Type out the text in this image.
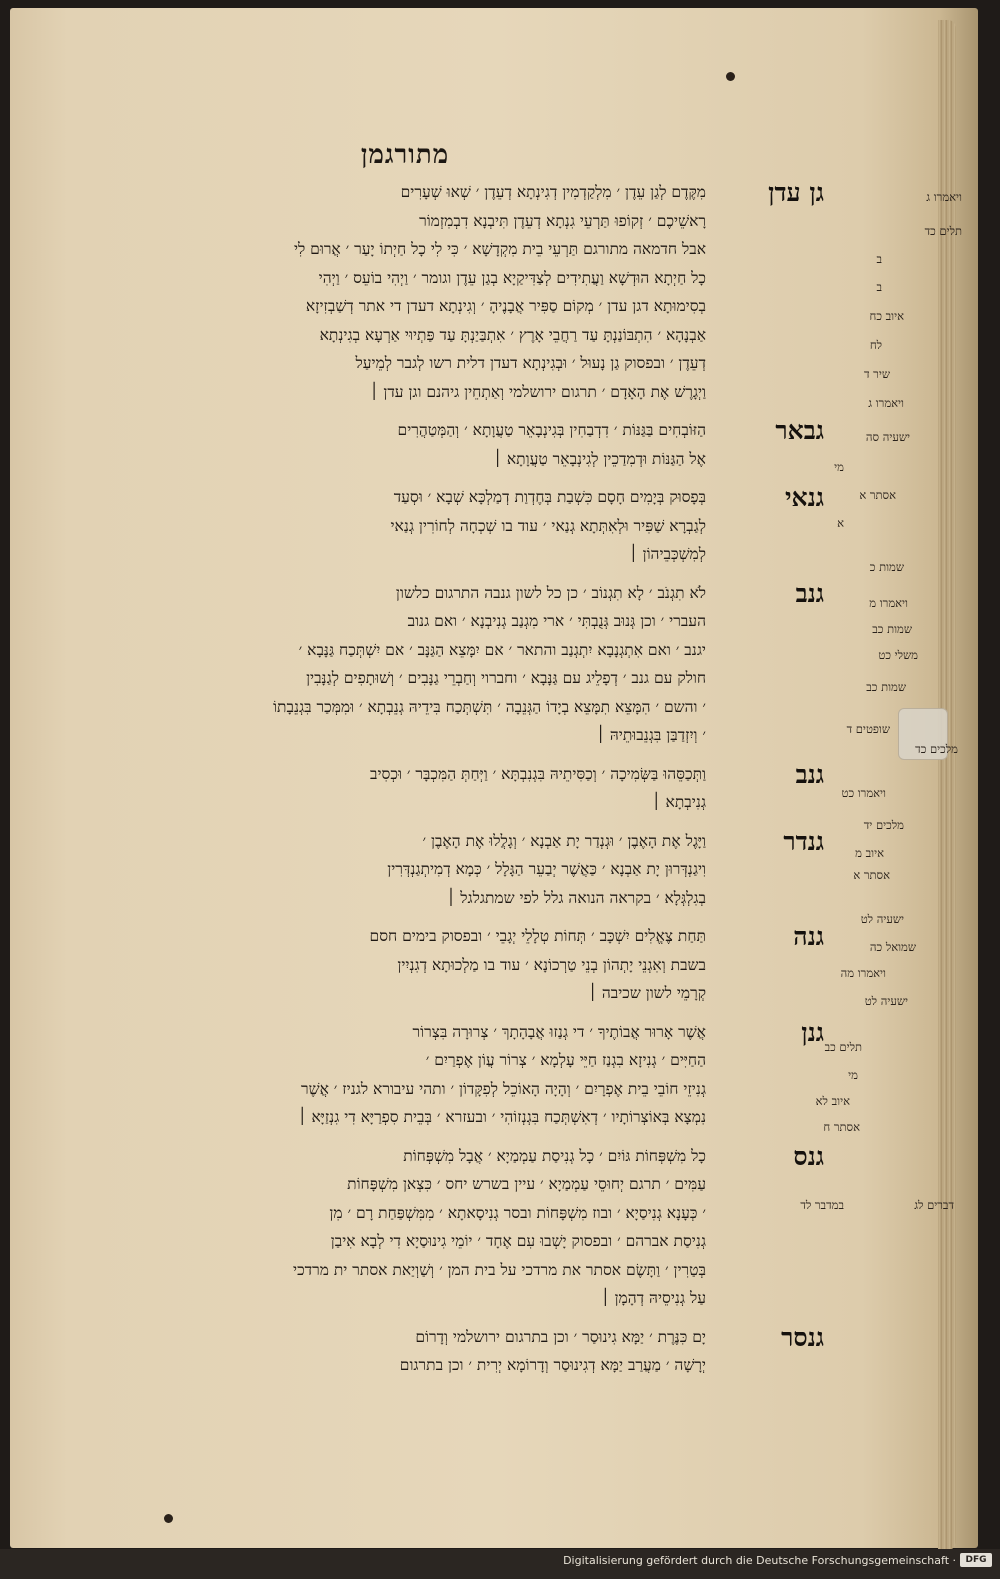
מתורגמן
גן עדן
מִקֶּדֶם לְגַן עֵדֶן ׳ מִלְקַדְמִין דְגִינְתָא דְעֵדֶן ׳ שְׁאוּ שְׁעָרִים
רָאשֵׁיכֶם ׳ זְקוֹפוּ תַּרְעֵי גִנְתָא דְעֵדֶן תִּיבְנָא דִבְמִזְמוֹר
אבל חדמאה מתורגם תַּרְעֵי בֵית מִקְדָשָׁא ׳ כִּי לִי כָל חַיְתוֹ יָעַר ׳ אֲרוּם לִי
כָל חַיְתָא הוּדְשָׁא וַעֲתִידִים לְצַדִּיקַיָא בְגַן עֵדֶן וגומר ׳ וַיְהִי בוֹעֵס ׳ וַיְהִי
בְסִימוּתָא דגן עדן ׳ מְקוֹם סַפִּיר אֲבָנֶיהָ ׳ וְגִינְתָא דעדן די אתר דְשַׁבְזִיזָא
אַבְנָהָא ׳ הִתְבּוֹנַנְתָּ עַד רַחֲבֵי אָרֶץ ׳ אִתְבַּיַנְתָּ עַד פַּתְיוּי אַרְעָא בְגִינְתָא
דְעֵדֶן ׳ ובפסוק גַן נָעוּל ׳ וּבְגִינְתָא דעדן דלית רשו לְגבר לְמֵיעַל
וַיְגָרֶשׁ אֶת הָאָדָם ׳ תרגום ירושלמי וְאַתְחֵין גיהנם וגן עדן ׀
גבאר
הַזּוֹבְחִים בַּגַּנּוֹת ׳ דִדְבַחִין בְּגִינְבָאֵר טַעֲוָתָא ׳ וְהַמְּטַהֲרִים
אֶל הַגַּנּוֹת וּדְמִדַכֵין לְגִינְבָאֵר טַעֲוָתָא ׀
גנאי
בְּפָסוּק בְּיָמִים חָסָם כִּשְׁבַת בְּחֶדְוַת דְמַלְכָּא שְׁבָא ׳ וּסְעַד
לְגַבְרָא שַׁפִּיר וּלְאִתְּתָא גְנַאי ׳ עוד בו שְׁכְחָה לְחוֹרִין גְנַאי
לְמִשְׁכְּבֵיהוֹן ׀
גנב
לֹא תִגְנֹב ׳ לָא תִגְנוֹב ׳ כן כל לשון גנבה התרגום כלשון
העברי ׳ וכן גְּנוּב גְּנֻבְתִּי ׳ ארי מִגְנַב גְנִיבְנָא ׳ ואם גנוב
יגנב ׳ ואם אִתְגְנָבָא יִתְגְנַב והתאר ׳ אם יִמָּצֵא הַגַּנָּב ׳ אם יִשְׁתְּכַח גַּנָּבָא ׳
חולק עם גנב ׳ דְפָלֵיג עם גַּנָּבָא ׳ וחברוי וְחַבְרֵי גַנָּבִים ׳ וְשׁוּתָפִים לְגַנָּבִין
׳ והשם ׳ הִמָּצֵא תִמָּצֵא בְיָדוֹ הַגְּנֵבָה ׳ תִּשְׁתְּכַח בִּידֵיהּ גְנֵבְתָא ׳ וּמִמְּכַר בִּגְנֵבָתוֹ
׳ וְיִזְדַבַּן בִּגְנֵבוּתֵיהּ ׀
גנב
וַתְּכַסֵּהוּ בַּשְּׂמִיכָה ׳ וְכַסִּיתֵיהּ בִּגְנִבְתָּא ׳ וַיְּחַתְּ הַמִּכְבָּר ׳ וּכְסִיב
גְנִיבְתָא ׀
גנדר
וַיָּגֶל אֶת הָאֶבֶן ׳ וּגְנְדַר יָת אַבְנָא ׳ וְגָלֲלוּ אֶת הָאֶבֶן ׳
וִיגַנְדְּרוּן יָת אַבְנָא ׳ כַּאֲשֶׁר יְבַעֵר הַגָּלָל ׳ כְּמָא דְמִיתְגַנְדְּרִין
בְגִלְגְּלָא ׳ בקראה הנואה גלל לפי שמתגלגל ׀
גנה
תַּחַת צֶאֱלִים יִשְׁכָּב ׳ תְּחוֹת טְלָלֵי יְגָבֵי ׳ ובפסוק בימים חסם
בשבת וְאִגְנֵי יָתְהוֹן בְנֵי טַרְכוֹנָא ׳ עוד בו מַלְכוּתָא דְגִנְיִין
קְרָמֵי לשון שכיבה ׀
גנן
אֲשֶׁר אָרוּר אֲבוֹתֶיךָ ׳ די גְנַזוּ אֲבָהָתָךְ ׳ צְרוּרָה בִּצְרוֹר
הַחַיִּים ׳ גְנִיזָא בִגְנַז חַיֵּי עָלְמָא ׳ צְרוֹר עֲוֹן אֶפְרַיִם ׳
גְנִיזֵי חוֹבֵי בֵית אֶפְרָיִם ׳ וְהָיָה הָאוֹכֵל לְפִקָּדוֹן ׳ ותהי עיבורא לגניז ׳ אֲשֶׁר
נִמְצָא בְּאוֹצְרוֹתָיו ׳ דְאִשְׁתְּכַח בִּגְנְזוֹהִי ׳ ובעזרא ׳ בְּבֵית סִפְרַיָּא דִי גִנְזַיָּא ׀
גנס
כָל מִשְׁפְּחוֹת גּוֹיִם ׳ כָל גְנִיסַת עַמְמַיָא ׳ אֲבָל מִשְׁפְּחוֹת
עַמִּים ׳ תרגם יְחוּסֵי עַמְמַיָא ׳ עיין בשרש יחס ׳ כִּצְאן מִשְׁפָּחוֹת
׳ כְּעָנָא גְנִיסַיָא ׳ ובוז מִשְׁפָּחוֹת ובסר גְנִיסָאתָא ׳ מִמִּשְׁפַּחַת רָם ׳ מִן
גְנִיסַת אברהם ׳ ובפסוק יָשְׁבוּ עִם אֶחָד ׳ יוֹמֵי גִינוּסַיָא דִי לְבָא אִיבַן
בְּטַרִין ׳ וַתָּשֶׂם אסתר את מרדכי על בית המן ׳ וְשַׁוְיַאת אסתר ית מרדכי
עַל גְנִיסֵיהּ דְהָמָן ׀
גנסר
יָם כִּנֶּרֶת ׳ יַמָּא גִינוּסַר ׳ וכן בתרגום ירושלמי וְדָרוֹם
יְרָשָׁה ׳ מַעֲרַב יַמָּא דְגִינוּסַר וְדָרוֹמָא יְרִית ׳ וכן בתרגום
ויאמרו ג
תלים כד
ב
ב
איוב כח
לח
שיר ד
ויאמרו ג
ישעיה סה
מי
אסתר א
א
שמות כ
ויאמרו מ
שמות כב
משלי כט
שמות כב
שופטים ד
מלכים כד
ויאמרו כט
מלכים יד
איוב מ
אסתר א
ישעיה לט
שמואל כה
ויאמרו מה
ישעיה לט
תלים כב
מי
איוב לא
אסתר ח
במדבר לד	דברים לג
Digitalisierung gefördert durch die Deutsche Forschungsgemeinschaft ·	DFG
